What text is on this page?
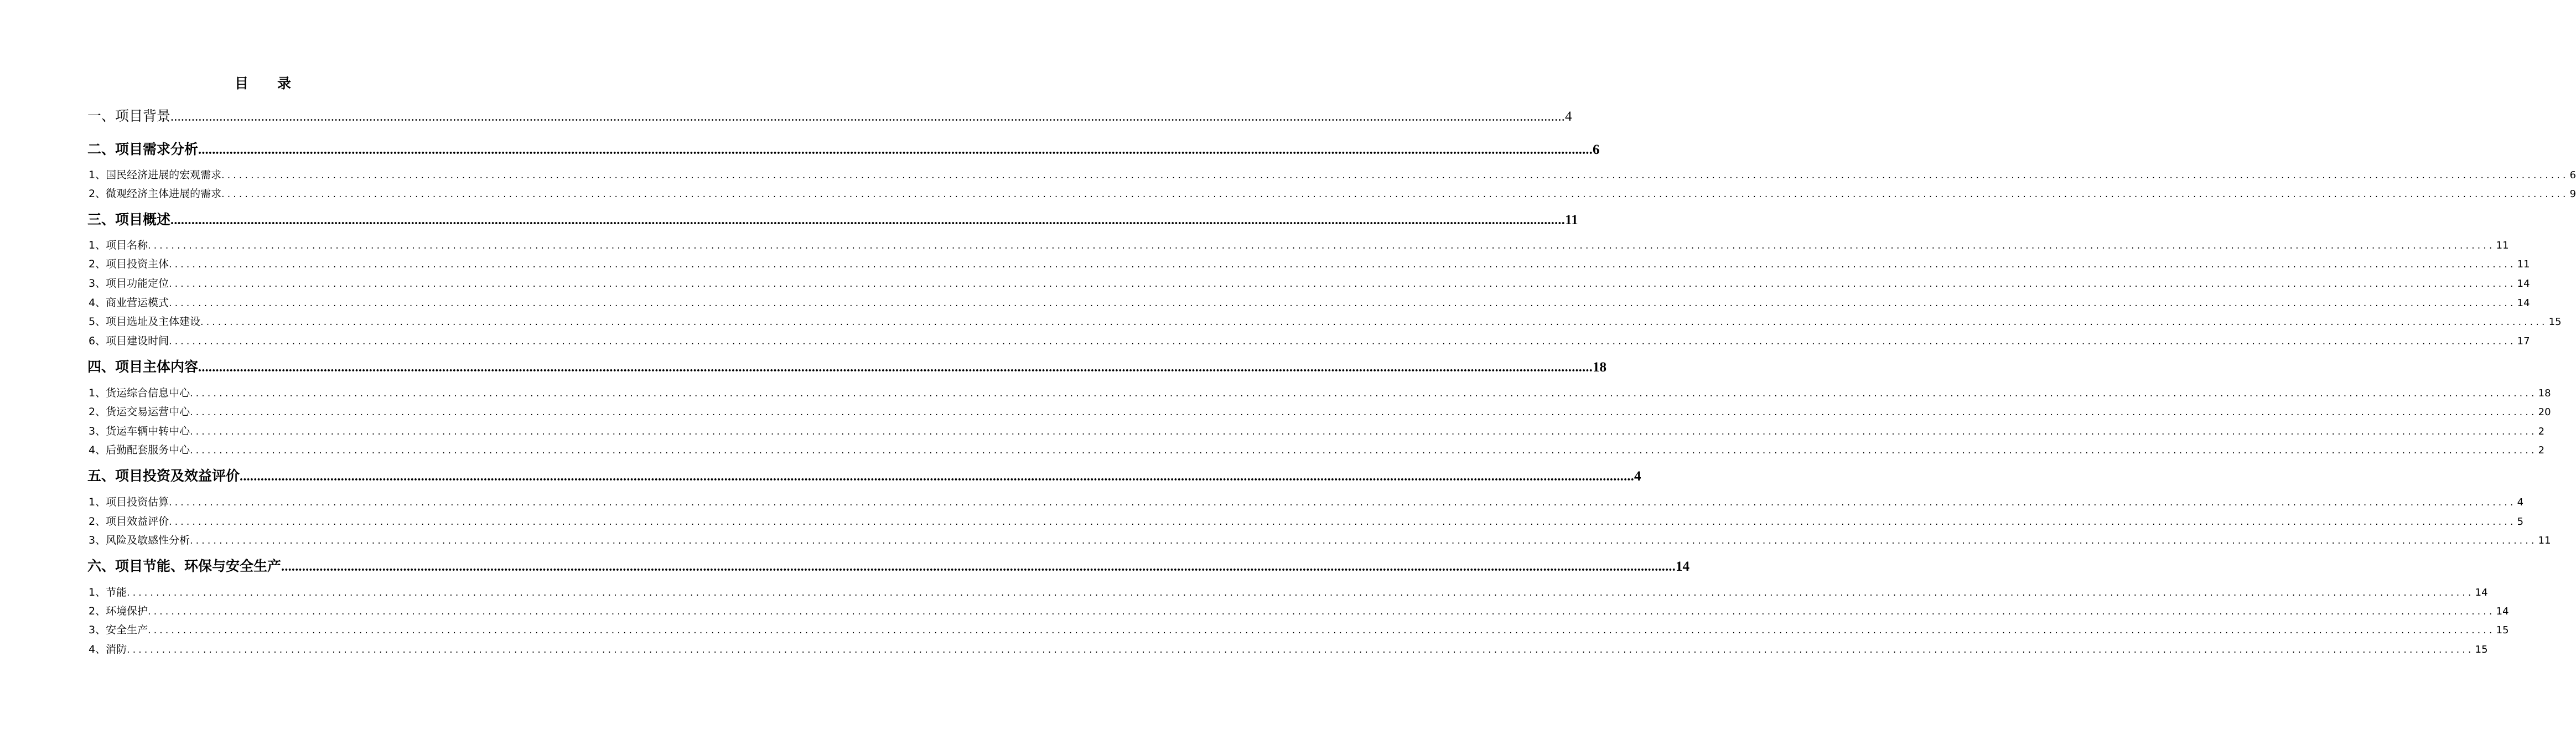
目录
一、项目背景 ................................................................................................................................................................................................................................................................................................................................................................................................................ 4
二、项目需求分析 ................................................................................................................................................................................................................................................................................................................................................................................................................ 6
1、国民经济进展的宏观需求 ................................................................................................................................................................................................................................................................................................................................................................................................................ 6
2、微观经济主体进展的需求 ................................................................................................................................................................................................................................................................................................................................................................................................................ 9
三、项目概述 ................................................................................................................................................................................................................................................................................................................................................................................................................ 11
1、项目名称 ................................................................................................................................................................................................................................................................................................................................................................................................................ 11
2、项目投资主体 ................................................................................................................................................................................................................................................................................................................................................................................................................ 11
3、项目功能定位 ................................................................................................................................................................................................................................................................................................................................................................................................................ 14
4、商业营运模式 ................................................................................................................................................................................................................................................................................................................................................................................................................ 14
5、项目选址及主体建设 ................................................................................................................................................................................................................................................................................................................................................................................................................ 15
6、项目建设时间 ................................................................................................................................................................................................................................................................................................................................................................................................................ 17
四、项目主体内容 ................................................................................................................................................................................................................................................................................................................................................................................................................ 18
1、货运综合信息中心 ................................................................................................................................................................................................................................................................................................................................................................................................................ 18
2、货运交易运营中心 ................................................................................................................................................................................................................................................................................................................................................................................................................ 20
3、货运车辆中转中心 ................................................................................................................................................................................................................................................................................................................................................................................................................ 2
4、后勤配套服务中心 ................................................................................................................................................................................................................................................................................................................................................................................................................ 2
五、项目投资及效益评价 ................................................................................................................................................................................................................................................................................................................................................................................................................ 4
1、项目投资估算 ................................................................................................................................................................................................................................................................................................................................................................................................................ 4
2、项目效益评价 ................................................................................................................................................................................................................................................................................................................................................................................................................ 5
3、风险及敏感性分析 ................................................................................................................................................................................................................................................................................................................................................................................................................ 11
六、项目节能、环保与安全生产 ................................................................................................................................................................................................................................................................................................................................................................................................................ 14
1、节能 ................................................................................................................................................................................................................................................................................................................................................................................................................ 14
2、环境保护 ................................................................................................................................................................................................................................................................................................................................................................................................................ 14
3、安全生产 ................................................................................................................................................................................................................................................................................................................................................................................................................ 15
4、消防 ................................................................................................................................................................................................................................................................................................................................................................................................................ 15
